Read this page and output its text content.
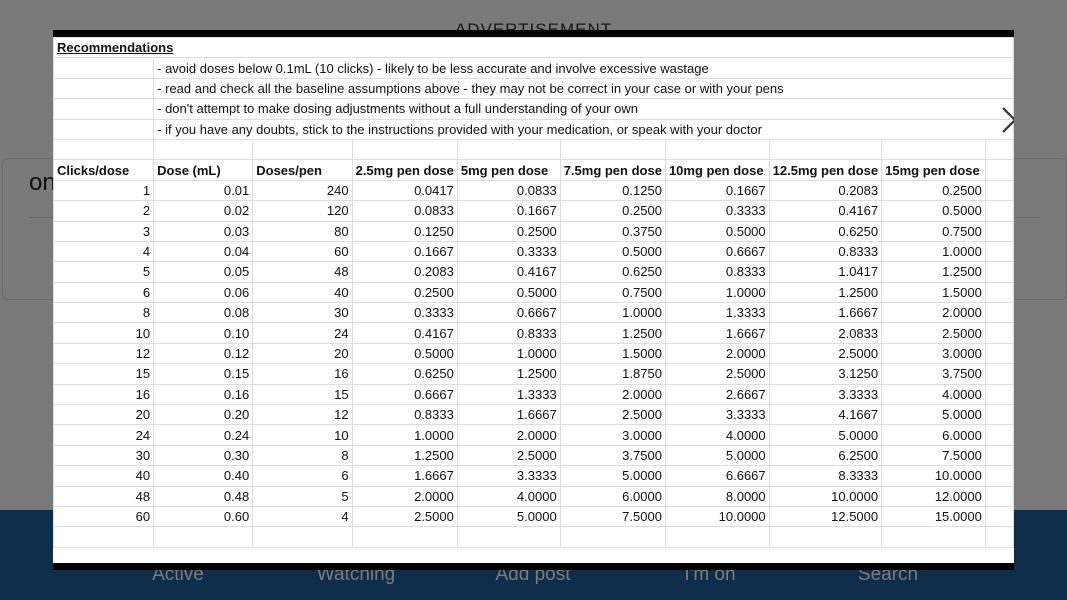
Recommendations									
	- avoid doses below 0.1mL (10 clicks) - likely to be less accurate and involve excessive wastage								
	- read and check all the baseline assumptions above - they may not be correct in your case or with your pens								
	- don't attempt to make dosing adjustments without a full understanding of your own								
	- if you have any doubts, stick to the instructions provided with your medication, or speak with your doctor								

Clicks/dose	Dose (mL)	Doses/pen	2.5mg pen dose	5mg pen dose	7.5mg pen dose	10mg pen dose	12.5mg pen dose	15mg pen dose	
1	0.01	240	0.0417	0.0833	0.1250	0.1667	0.2083	0.2500	
2	0.02	120	0.0833	0.1667	0.2500	0.3333	0.4167	0.5000	
3	0.03	80	0.1250	0.2500	0.3750	0.5000	0.6250	0.7500	
4	0.04	60	0.1667	0.3333	0.5000	0.6667	0.8333	1.0000	
5	0.05	48	0.2083	0.4167	0.6250	0.8333	1.0417	1.2500	
6	0.06	40	0.2500	0.5000	0.7500	1.0000	1.2500	1.5000	
8	0.08	30	0.3333	0.6667	1.0000	1.3333	1.6667	2.0000	
10	0.10	24	0.4167	0.8333	1.2500	1.6667	2.0833	2.5000	
12	0.12	20	0.5000	1.0000	1.5000	2.0000	2.5000	3.0000	
15	0.15	16	0.6250	1.2500	1.8750	2.5000	3.1250	3.7500	
16	0.16	15	0.6667	1.3333	2.0000	2.6667	3.3333	4.0000	
20	0.20	12	0.8333	1.6667	2.5000	3.3333	4.1667	5.0000	
24	0.24	10	1.0000	2.0000	3.0000	4.0000	5.0000	6.0000	
30	0.30	8	1.2500	2.5000	3.7500	5.0000	6.2500	7.5000	
40	0.40	6	1.6667	3.3333	5.0000	6.6667	8.3333	10.0000	
48	0.48	5	2.0000	4.0000	6.0000	8.0000	10.0000	12.0000	
60	0.60	4	2.5000	5.0000	7.5000	10.0000	12.5000	15.0000	
